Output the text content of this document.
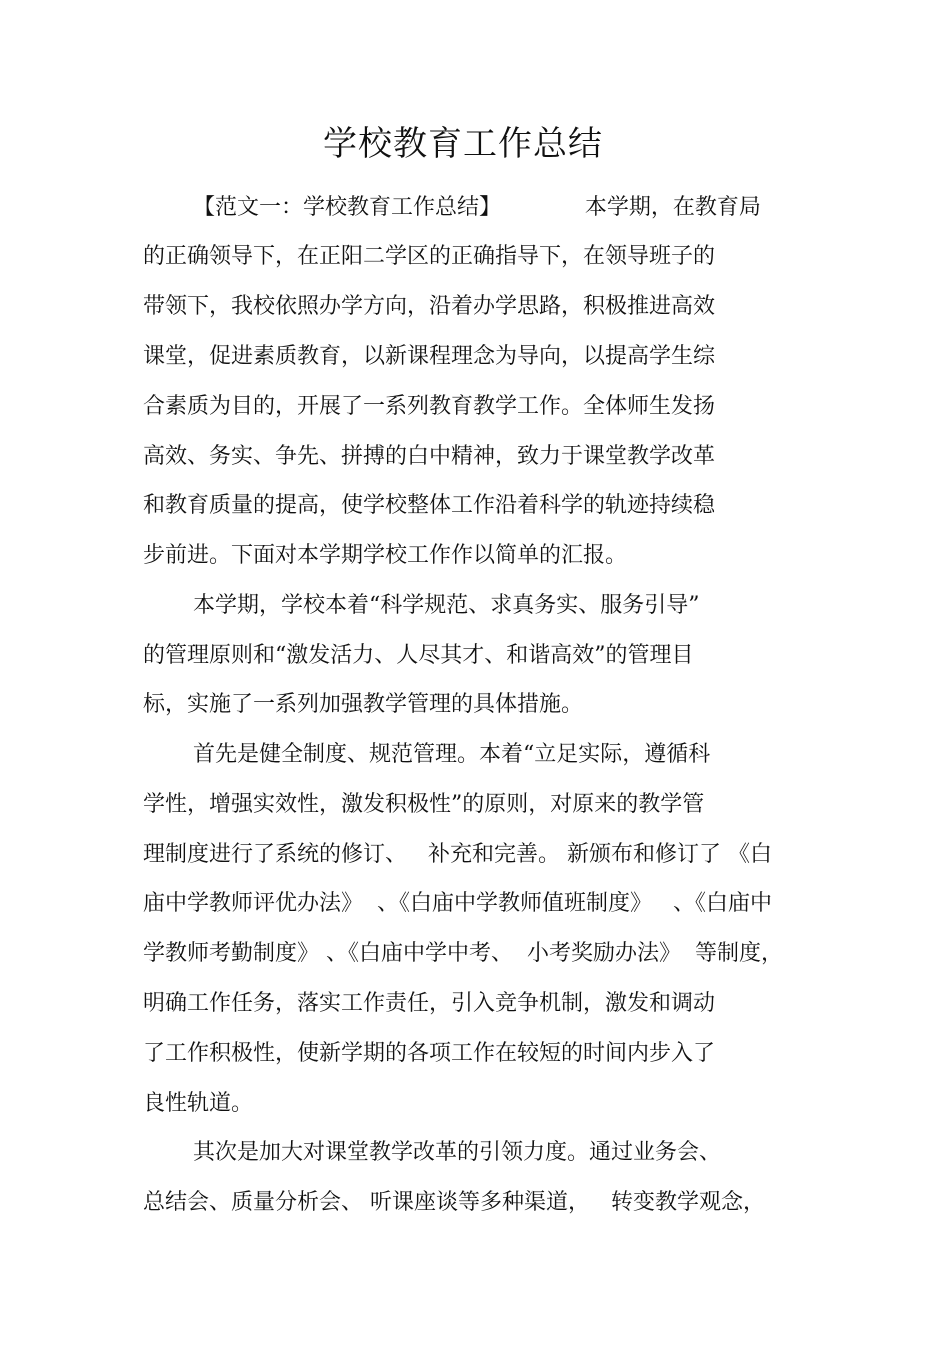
学校教育工作总结
【范文一：学校教育工作总结】            本学期，在教育局
的正确领导下，在正阳二学区的正确指导下，在领导班子的
带领下，我校依照办学方向，沿着办学思路，积极推进高效
课堂，促进素质教育，以新课程理念为导向，以提高学生综
合素质为目的，开展了一系列教育教学工作。全体师生发扬
高效、务实、争先、拼搏的白中精神，致力于课堂教学改革
和教育质量的提高，使学校整体工作沿着科学的轨迹持续稳
步前进。下面对本学期学校工作作以简单的汇报。
本学期，学校本着“科学规范、求真务实、服务引导”
的管理原则和“激发活力、人尽其才、和谐高效”的管理目
标，实施了一系列加强教学管理的具体措施。
首先是健全制度、规范管理。本着“立足实际，遵循科
学性，增强实效性，激发积极性”的原则，对原来的教学管
理制度进行了系统的修订、   补充和完善。 新颁布和修订了 《白
庙中学教师评优办法》  、《白庙中学教师值班制度》   、《白庙中
学教师考勤制度》 、《白庙中学中考、  小考奖励办法》  等制度，
明确工作任务，落实工作责任，引入竞争机制，激发和调动
了工作积极性，使新学期的各项工作在较短的时间内步入了
良性轨道。
其次是加大对课堂教学改革的引领力度。通过业务会、
总结会、质量分析会、 听课座谈等多种渠道，   转变教学观念，
